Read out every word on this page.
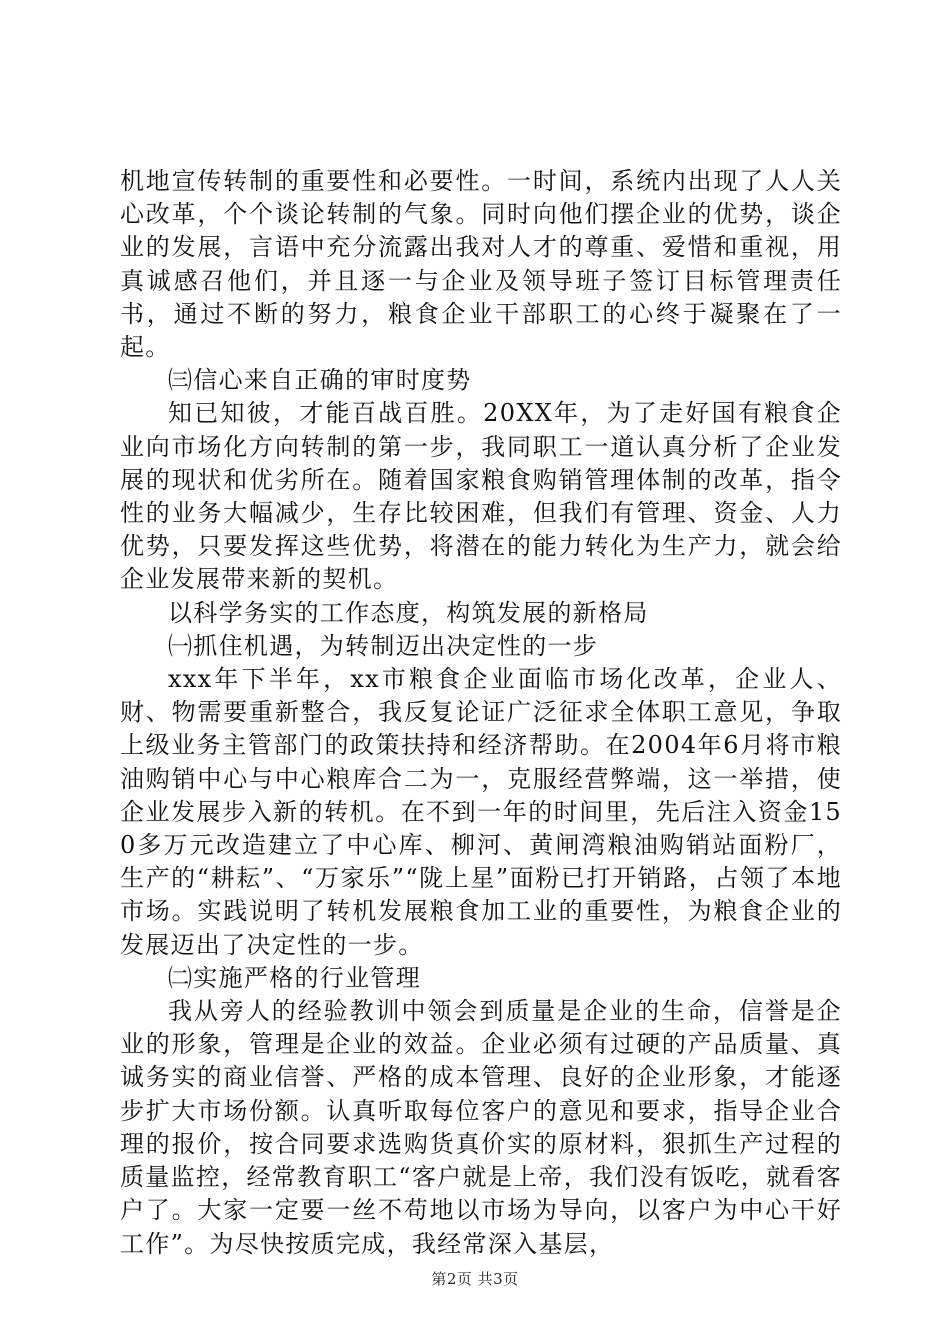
机地宣传转制的重要性和必要性。一时间，系统内出现了人人关心改革，个个谈论转制的气象。同时向他们摆企业的优势，谈企业的发展，言语中充分流露出我对人才的尊重、爱惜和重视，用真诚感召他们，并且逐一与企业及领导班子签订目标管理责任书，通过不断的努力，粮食企业干部职工的心终于凝聚在了一起。

㈢信心来自正确的审时度势

知已知彼，才能百战百胜。20XX年，为了走好国有粮食企业向市场化方向转制的第一步，我同职工一道认真分析了企业发展的现状和优劣所在。随着国家粮食购销管理体制的改革，指令性的业务大幅减少，生存比较困难，但我们有管理、资金、人力优势，只要发挥这些优势，将潜在的能力转化为生产力，就会给企业发展带来新的契机。

以科学务实的工作态度，构筑发展的新格局

㈠抓住机遇，为转制迈出决定性的一步

xxx年下半年，xx市粮食企业面临市场化改革，企业人、财、物需要重新整合，我反复论证广泛征求全体职工意见，争取上级业务主管部门的政策扶持和经济帮助。在2004年6月将市粮油购销中心与中心粮库合二为一，克服经营弊端，这一举措，使企业发展步入新的转机。在不到一年的时间里，先后注入资金150多万元改造建立了中心库、柳河、黄闸湾粮油购销站面粉厂，生产的“耕耘”、“万家乐”“陇上星”面粉已打开销路，占领了本地市场。实践说明了转机发展粮食加工业的重要性，为粮食企业的发展迈出了决定性的一步。

㈡实施严格的行业管理

我从旁人的经验教训中领会到质量是企业的生命，信誉是企业的形象，管理是企业的效益。企业必须有过硬的产品质量、真诚务实的商业信誉、严格的成本管理、良好的企业形象，才能逐步扩大市场份额。认真听取每位客户的意见和要求，指导企业合理的报价，按合同要求选购货真价实的原材料，狠抓生产过程的质量监控，经常教育职工“客户就是上帝，我们没有饭吃，就看客户了。大家一定要一丝不苟地以市场为导向，以客户为中心干好工作”。为尽快按质完成，我经常深入基层，

第2页 共3页
